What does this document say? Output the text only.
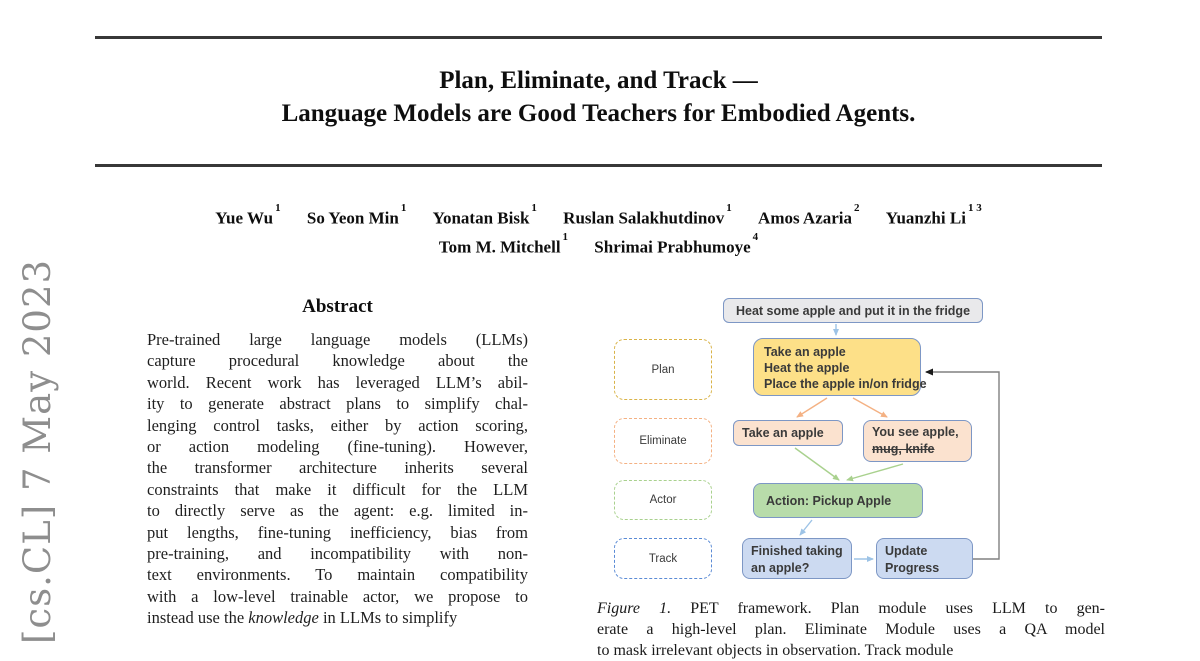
[cs.CL] 7 May 2023
Plan, Eliminate, and Track —
Language Models are Good Teachers for Embodied Agents.
Yue Wu$^1$ So Yeon Min$^1$ Yonatan Bisk$^1$ Ruslan Salakhutdinov$^1$ Amos Azaria$^2$ Yuanzhi $Li^{1 3}$
Tom M. Mitchell$^1$ Shrimai Prabhumoye$^4$
Abstract
Pre-trained large language models (LLMs)
capture procedural knowledge about the
world. Recent work has leveraged LLM’s abil-
ity to generate abstract plans to simplify chal-
lenging control tasks, either by action scoring,
or action modeling (fine-tuning). However,
the transformer architecture inherits several
constraints that make it difficult for the LLM
to directly serve as the agent: e.g. limited in-
put lengths, fine-tuning inefficiency, bias from
pre-training, and incompatibility with non-
text environments. To maintain compatibility
with a low-level trainable actor, we propose to
instead use the knowledge in LLMs to simplify
Plan
Eliminate
Actor
Track
Heat some apple and put it in the fridge
Take an apple
Heat the apple
Place the apple in/on fridge
Take an apple	You see apple,
mug, knife
Action: Pickup Apple
Finished taking an apple?
Update Progress
Figure 1. PET framework. Plan module uses LLM to gen-
erate a high-level plan. Eliminate Module uses a QA model
to mask irrelevant objects in observation. Track module
